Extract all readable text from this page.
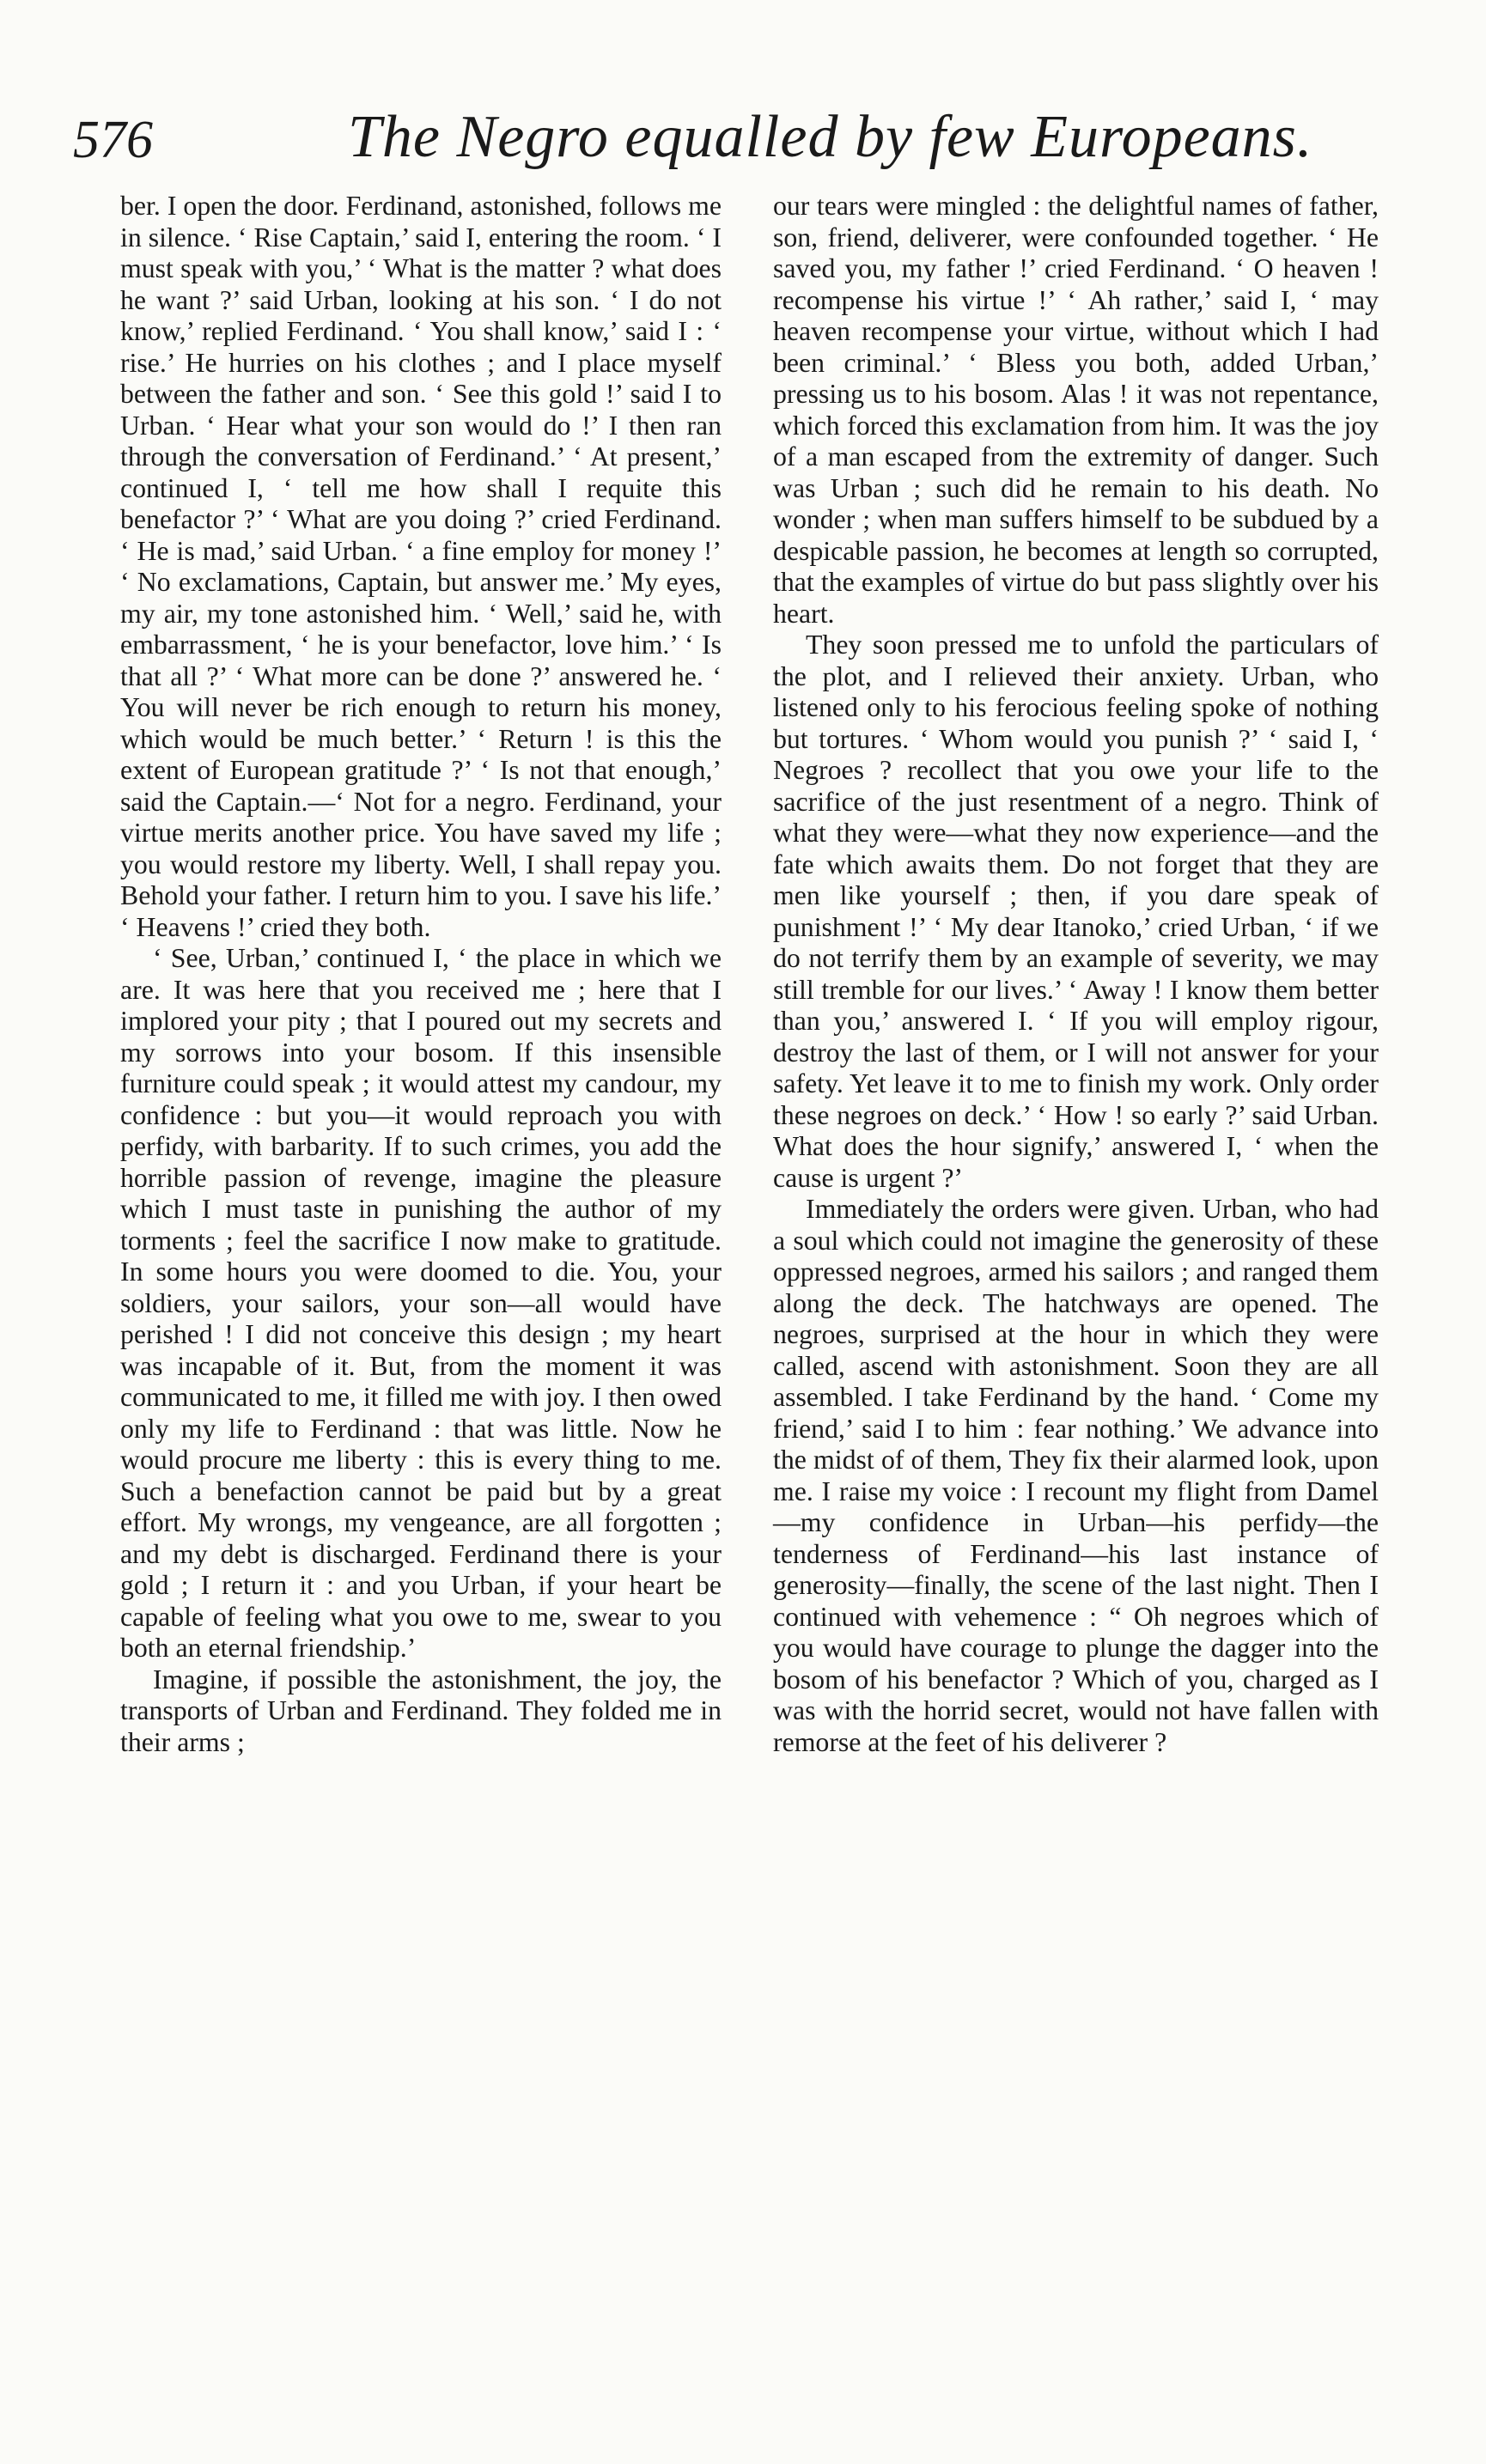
576	The Negro equalled by few Europeans.

ber. I open the door. Ferdinand, astonished, follows me in silence. ‘ Rise Captain,’ said I, entering the room. ‘ I must speak with you,’ ‘ What is the matter ? what does he want ?’ said Urban, looking at his son. ‘ I do not know,’ replied Ferdinand. ‘ You shall know,’ said I : ‘ rise.’ He hurries on his clothes ; and I place myself between the father and son. ‘ See this gold !’ said I to Urban. ‘ Hear what your son would do !’ I then ran through the conversation of Ferdinand.’ ‘ At present,’ continued I, ‘ tell me how shall I requite this benefactor ?’ ‘ What are you doing ?’ cried Ferdinand. ‘ He is mad,’ said Urban. ‘ a fine employ for money !’ ‘ No exclamations, Captain, but answer me.’ My eyes, my air, my tone astonished him. ‘ Well,’ said he, with embarrassment, ‘ he is your benefactor, love him.’ ‘ Is that all ?’ ‘ What more can be done ?’ answered he. ‘ You will never be rich enough to return his money, which would be much better.’ ‘ Return ! is this the extent of European gratitude ?’ ‘ Is not that enough,’ said the Captain.—‘ Not for a negro. Ferdinand, your virtue merits another price. You have saved my life ; you would restore my liberty. Well, I shall repay you. Behold your father. I return him to you. I save his life.’ ‘ Heavens !’ cried they both.

‘ See, Urban,’ continued I, ‘ the place in which we are. It was here that you received me ; here that I implored your pity ; that I poured out my secrets and my sorrows into your bosom. If this insensible furniture could speak ; it would attest my candour, my confidence : but you—it would reproach you with perfidy, with barbarity. If to such crimes, you add the horrible passion of revenge, imagine the pleasure which I must taste in punishing the author of my torments ; feel the sacrifice I now make to gratitude. In some hours you were doomed to die. You, your soldiers, your sailors, your son—all would have perished ! I did not conceive this design ; my heart was incapable of it. But, from the moment it was communicated to me, it filled me with joy. I then owed only my life to Ferdinand : that was little. Now he would procure me liberty : this is every thing to me. Such a benefaction cannot be paid but by a great effort. My wrongs, my vengeance, are all forgotten ; and my debt is discharged. Ferdinand there is your gold ; I return it : and you Urban, if your heart be capable of feeling what you owe to me, swear to you both an eternal friendship.’

Imagine, if possible the astonishment, the joy, the transports of Urban and Ferdinand. They folded me in their arms ;

our tears were mingled : the delightful names of father, son, friend, deliverer, were confounded together. ‘ He saved you, my father !’ cried Ferdinand. ‘ O heaven ! recompense his virtue !’ ‘ Ah rather,’ said I, ‘ may heaven recompense your virtue, without which I had been criminal.’ ‘ Bless you both, added Urban,’ pressing us to his bosom. Alas ! it was not repentance, which forced this exclamation from him. It was the joy of a man escaped from the extremity of danger. Such was Urban ; such did he remain to his death. No wonder ; when man suffers himself to be subdued by a despicable passion, he becomes at length so corrupted, that the examples of virtue do but pass slightly over his heart.

They soon pressed me to unfold the particulars of the plot, and I relieved their anxiety. Urban, who listened only to his ferocious feeling spoke of nothing but tortures. ‘ Whom would you punish ?’ ‘ said I, ‘ Negroes ? recollect that you owe your life to the sacrifice of the just resentment of a negro. Think of what they were—what they now experience—and the fate which awaits them. Do not forget that they are men like yourself ; then, if you dare speak of punishment !’ ‘ My dear Itanoko,’ cried Urban, ‘ if we do not terrify them by an example of severity, we may still tremble for our lives.’ ‘ Away ! I know them better than you,’ answered I. ‘ If you will employ rigour, destroy the last of them, or I will not answer for your safety. Yet leave it to me to finish my work. Only order these negroes on deck.’ ‘ How ! so early ?’ said Urban. What does the hour signify,’ answered I, ‘ when the cause is urgent ?’

Immediately the orders were given. Urban, who had a soul which could not imagine the generosity of these oppressed negroes, armed his sailors ; and ranged them along the deck. The hatchways are opened. The negroes, surprised at the hour in which they were called, ascend with astonishment. Soon they are all assembled. I take Ferdinand by the hand. ‘ Come my friend,’ said I to him : fear nothing.’ We advance into the midst of of them, They fix their alarmed look, upon me. I raise my voice : I recount my flight from Damel—my confidence in Urban—his perfidy—the tenderness of Ferdinand—his last instance of generosity—finally, the scene of the last night. Then I continued with vehemence : “ Oh negroes which of you would have courage to plunge the dagger into the bosom of his benefactor ? Which of you, charged as I was with the horrid secret, would not have fallen with remorse at the feet of his deliverer ?
